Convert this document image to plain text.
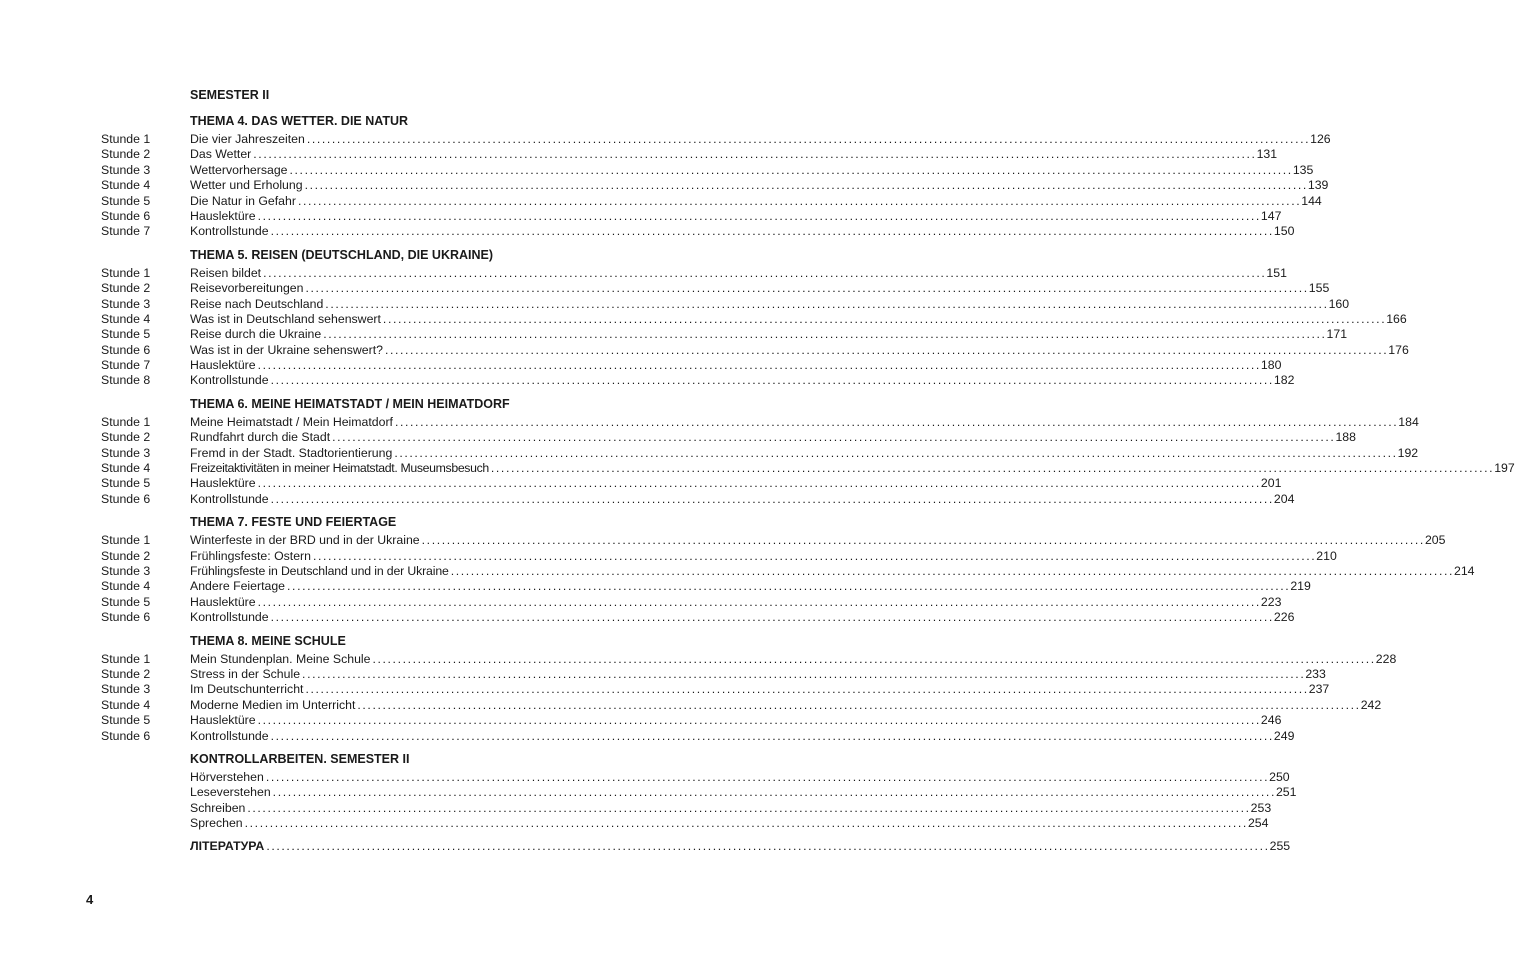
SEMESTER II
THEMA 4. DAS WETTER. DIE NATUR
Stunde 1	Die vier Jahreszeiten ........................................................................................................................................................................................................ 126
Stunde 2	Das Wetter ........................................................................................................................................................................................................ 131
Stunde 3	Wettervorhersage ........................................................................................................................................................................................................ 135
Stunde 4	Wetter und Erholung ........................................................................................................................................................................................................ 139
Stunde 5	Die Natur in Gefahr ........................................................................................................................................................................................................ 144
Stunde 6	Hauslektüre ........................................................................................................................................................................................................ 147
Stunde 7	Kontrollstunde ........................................................................................................................................................................................................ 150
THEMA 5. REISEN (DEUTSCHLAND, DIE UKRAINE)
Stunde 1	Reisen bildet ........................................................................................................................................................................................................ 151
Stunde 2	Reisevorbereitungen ........................................................................................................................................................................................................ 155
Stunde 3	Reise nach Deutschland ........................................................................................................................................................................................................ 160
Stunde 4	Was ist in Deutschland sehenswert ........................................................................................................................................................................................................ 166
Stunde 5	Reise durch die Ukraine ........................................................................................................................................................................................................ 171
Stunde 6	Was ist in der Ukraine sehenswert? ........................................................................................................................................................................................................ 176
Stunde 7	Hauslektüre ........................................................................................................................................................................................................ 180
Stunde 8	Kontrollstunde ........................................................................................................................................................................................................ 182
THEMA 6. MEINE HEIMATSTADT / MEIN HEIMATDORF
Stunde 1	Meine Heimatstadt / Mein Heimatdorf ........................................................................................................................................................................................................ 184
Stunde 2	Rundfahrt durch die Stadt ........................................................................................................................................................................................................ 188
Stunde 3	Fremd in der Stadt. Stadtorientierung ........................................................................................................................................................................................................ 192
Stunde 4	Freizeitaktivitäten in meiner Heimatstadt. Museumsbesuch ........................................................................................................................................................................................................ 197
Stunde 5	Hauslektüre ........................................................................................................................................................................................................ 201
Stunde 6	Kontrollstunde ........................................................................................................................................................................................................ 204
THEMA 7. FESTE UND FEIERTAGE
Stunde 1	Winterfeste in der BRD und in der Ukraine ........................................................................................................................................................................................................ 205
Stunde 2	Frühlingsfeste: Ostern ........................................................................................................................................................................................................ 210
Stunde 3	Frühlingsfeste in Deutschland und in der Ukraine ........................................................................................................................................................................................................ 214
Stunde 4	Andere Feiertage ........................................................................................................................................................................................................ 219
Stunde 5	Hauslektüre ........................................................................................................................................................................................................ 223
Stunde 6	Kontrollstunde ........................................................................................................................................................................................................ 226
THEMA 8. MEINE SCHULE
Stunde 1	Mein Stundenplan. Meine Schule ........................................................................................................................................................................................................ 228
Stunde 2	Stress in der Schule ........................................................................................................................................................................................................ 233
Stunde 3	Im Deutschunterricht ........................................................................................................................................................................................................ 237
Stunde 4	Moderne Medien im Unterricht ........................................................................................................................................................................................................ 242
Stunde 5	Hauslektüre ........................................................................................................................................................................................................ 246
Stunde 6	Kontrollstunde ........................................................................................................................................................................................................ 249
KONTROLLARBEITEN. SEMESTER II
Hörverstehen ........................................................................................................................................................................................................ 250
Leseverstehen ........................................................................................................................................................................................................ 251
Schreiben ........................................................................................................................................................................................................ 253
Sprechen ........................................................................................................................................................................................................ 254
ЛІТЕРАТУРА ........................................................................................................................................................................................................ 255
4
